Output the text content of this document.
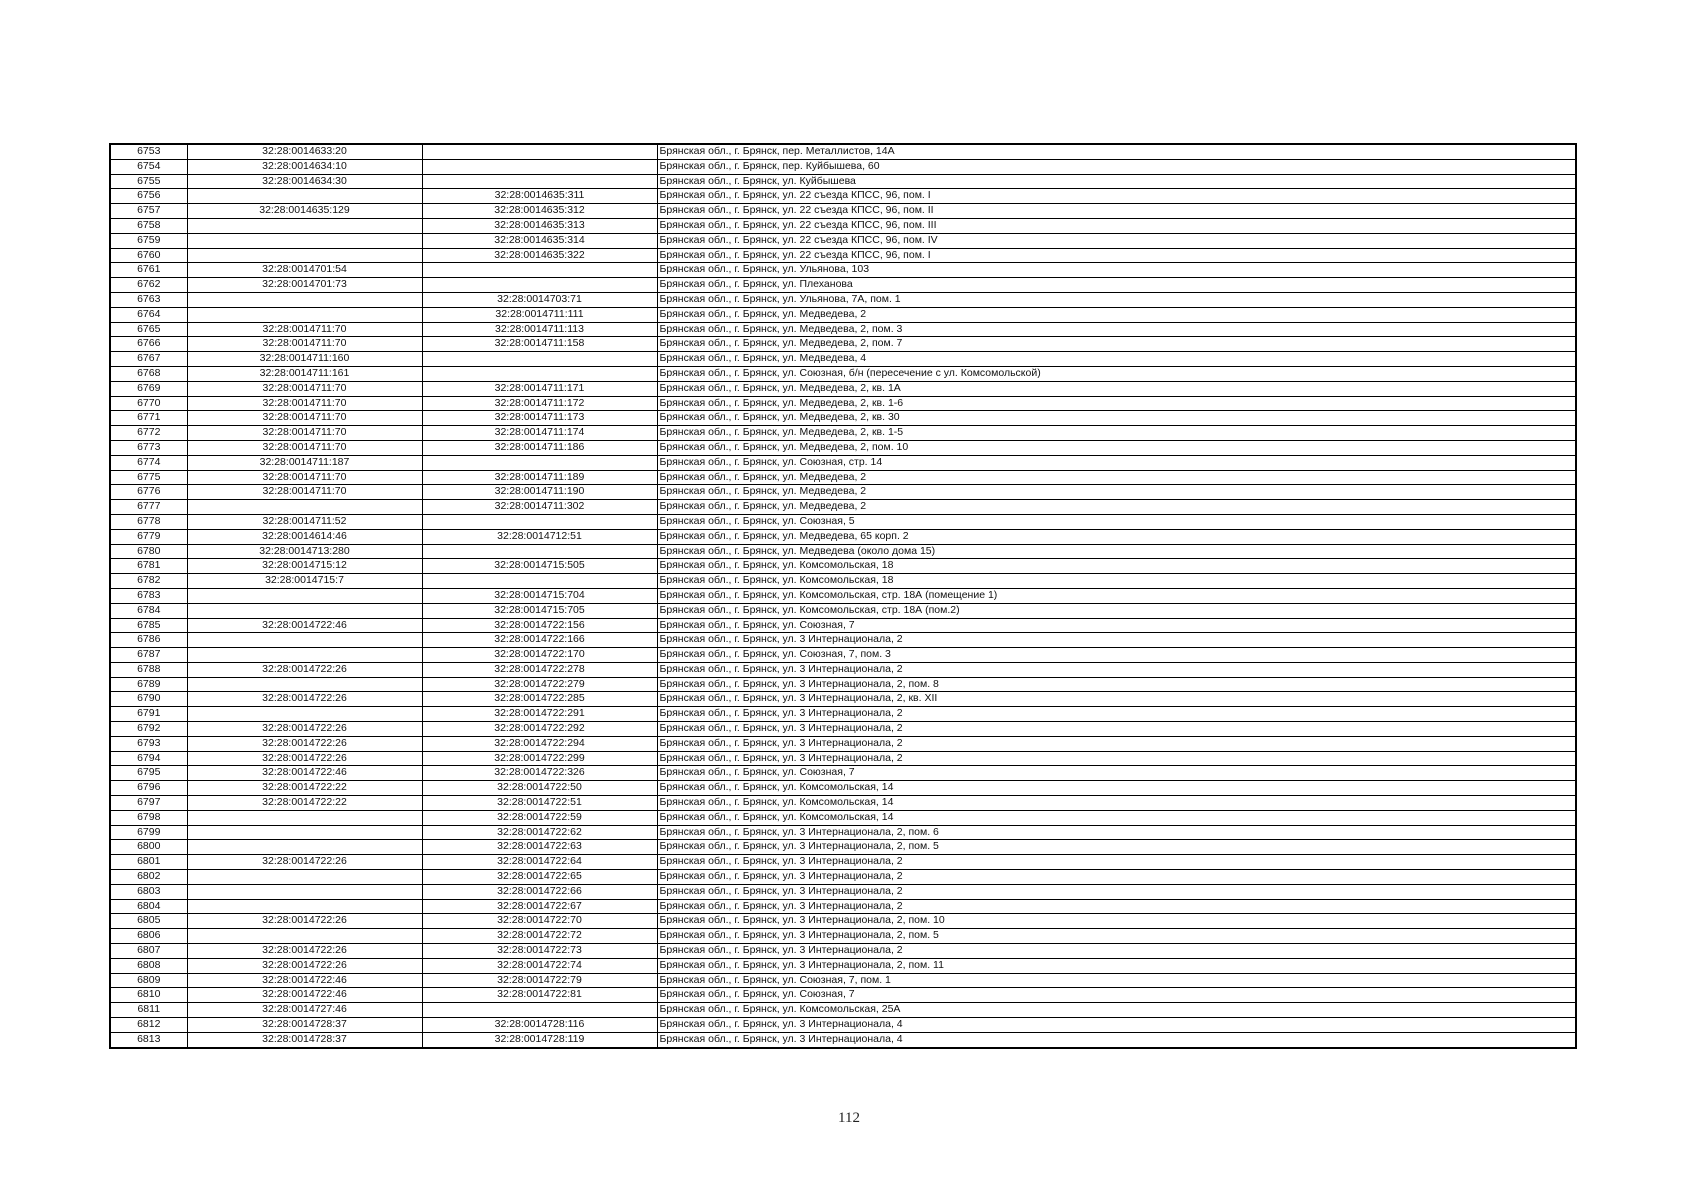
6753	32:28:0014633:20		Брянская обл., г. Брянск, пер. Металлистов, 14А
6754	32:28:0014634:10		Брянская обл., г. Брянск, пер. Куйбышева, 60
6755	32:28:0014634:30		Брянская обл., г. Брянск, ул. Куйбышева
6756		32:28:0014635:311	Брянская обл., г. Брянск, ул. 22 съезда КПСС, 96, пом. I
6757	32:28:0014635:129	32:28:0014635:312	Брянская обл., г. Брянск, ул. 22 съезда КПСС, 96, пом. II
6758		32:28:0014635:313	Брянская обл., г. Брянск, ул. 22 съезда КПСС, 96, пом. III
6759		32:28:0014635:314	Брянская обл., г. Брянск, ул. 22 съезда КПСС, 96, пом. IV
6760		32:28:0014635:322	Брянская обл., г. Брянск, ул. 22 съезда КПСС, 96, пом. I
6761	32:28:0014701:54		Брянская обл., г. Брянск, ул. Ульянова, 103
6762	32:28:0014701:73		Брянская обл., г. Брянск, ул. Плеханова
6763		32:28:0014703:71	Брянская обл., г. Брянск, ул. Ульянова, 7А, пом. 1
6764		32:28:0014711:111	Брянская обл., г. Брянск, ул. Медведева, 2
6765	32:28:0014711:70	32:28:0014711:113	Брянская обл., г. Брянск, ул. Медведева, 2, пом. 3
6766	32:28:0014711:70	32:28:0014711:158	Брянская обл., г. Брянск, ул. Медведева, 2, пом. 7
6767	32:28:0014711:160		Брянская обл., г. Брянск, ул. Медведева, 4
6768	32:28:0014711:161		Брянская обл., г. Брянск, ул. Союзная, б/н (пересечение с ул. Комсомольской)
6769	32:28:0014711:70	32:28:0014711:171	Брянская обл., г. Брянск, ул. Медведева, 2, кв. 1А
6770	32:28:0014711:70	32:28:0014711:172	Брянская обл., г. Брянск, ул. Медведева, 2, кв. 1-6
6771	32:28:0014711:70	32:28:0014711:173	Брянская обл., г. Брянск, ул. Медведева, 2, кв. 30
6772	32:28:0014711:70	32:28:0014711:174	Брянская обл., г. Брянск, ул. Медведева, 2, кв. 1-5
6773	32:28:0014711:70	32:28:0014711:186	Брянская обл., г. Брянск, ул. Медведева, 2, пом. 10
6774	32:28:0014711:187		Брянская обл., г. Брянск, ул. Союзная, стр. 14
6775	32:28:0014711:70	32:28:0014711:189	Брянская обл., г. Брянск, ул. Медведева, 2
6776	32:28:0014711:70	32:28:0014711:190	Брянская обл., г. Брянск, ул. Медведева, 2
6777		32:28:0014711:302	Брянская обл., г. Брянск, ул. Медведева, 2
6778	32:28:0014711:52		Брянская обл., г. Брянск, ул. Союзная, 5
6779	32:28:0014614:46	32:28:0014712:51	Брянская обл., г. Брянск, ул. Медведева, 65 корп. 2
6780	32:28:0014713:280		Брянская обл., г. Брянск, ул. Медведева (около дома 15)
6781	32:28:0014715:12	32:28:0014715:505	Брянская обл., г. Брянск, ул. Комсомольская, 18
6782	32:28:0014715:7		Брянская обл., г. Брянск, ул. Комсомольская, 18
6783		32:28:0014715:704	Брянская обл., г. Брянск, ул. Комсомольская, стр. 18А (помещение 1)
6784		32:28:0014715:705	Брянская обл., г. Брянск, ул. Комсомольская, стр. 18А (пом.2)
6785	32:28:0014722:46	32:28:0014722:156	Брянская обл., г. Брянск, ул. Союзная, 7
6786		32:28:0014722:166	Брянская обл., г. Брянск, ул. 3 Интернационала, 2
6787		32:28:0014722:170	Брянская обл., г. Брянск, ул. Союзная, 7, пом. 3
6788	32:28:0014722:26	32:28:0014722:278	Брянская обл., г. Брянск, ул. 3 Интернационала, 2
6789		32:28:0014722:279	Брянская обл., г. Брянск, ул. 3 Интернационала, 2, пом. 8
6790	32:28:0014722:26	32:28:0014722:285	Брянская обл., г. Брянск, ул. 3 Интернационала, 2, кв. XII
6791		32:28:0014722:291	Брянская обл., г. Брянск, ул. 3 Интернационала, 2
6792	32:28:0014722:26	32:28:0014722:292	Брянская обл., г. Брянск, ул. 3 Интернационала, 2
6793	32:28:0014722:26	32:28:0014722:294	Брянская обл., г. Брянск, ул. 3 Интернационала, 2
6794	32:28:0014722:26	32:28:0014722:299	Брянская обл., г. Брянск, ул. 3 Интернационала, 2
6795	32:28:0014722:46	32:28:0014722:326	Брянская обл., г. Брянск, ул. Союзная, 7
6796	32:28:0014722:22	32:28:0014722:50	Брянская обл., г. Брянск, ул. Комсомольская, 14
6797	32:28:0014722:22	32:28:0014722:51	Брянская обл., г. Брянск, ул. Комсомольская, 14
6798		32:28:0014722:59	Брянская обл., г. Брянск, ул. Комсомольская, 14
6799		32:28:0014722:62	Брянская обл., г. Брянск, ул. 3 Интернационала, 2, пом. 6
6800		32:28:0014722:63	Брянская обл., г. Брянск, ул. 3 Интернационала, 2, пом. 5
6801	32:28:0014722:26	32:28:0014722:64	Брянская обл., г. Брянск, ул. 3 Интернационала, 2
6802		32:28:0014722:65	Брянская обл., г. Брянск, ул. 3 Интернационала, 2
6803		32:28:0014722:66	Брянская обл., г. Брянск, ул. 3 Интернационала, 2
6804		32:28:0014722:67	Брянская обл., г. Брянск, ул. 3 Интернационала, 2
6805	32:28:0014722:26	32:28:0014722:70	Брянская обл., г. Брянск, ул. 3 Интернационала, 2, пом. 10
6806		32:28:0014722:72	Брянская обл., г. Брянск, ул. 3 Интернационала, 2, пом. 5
6807	32:28:0014722:26	32:28:0014722:73	Брянская обл., г. Брянск, ул. 3 Интернационала, 2
6808	32:28:0014722:26	32:28:0014722:74	Брянская обл., г. Брянск, ул. 3 Интернационала, 2, пом. 11
6809	32:28:0014722:46	32:28:0014722:79	Брянская обл., г. Брянск, ул. Союзная, 7, пом. 1
6810	32:28:0014722:46	32:28:0014722:81	Брянская обл., г. Брянск, ул. Союзная, 7
6811	32:28:0014727:46		Брянская обл., г. Брянск, ул. Комсомольская, 25А
6812	32:28:0014728:37	32:28:0014728:116	Брянская обл., г. Брянск, ул. 3 Интернационала, 4
6813	32:28:0014728:37	32:28:0014728:119	Брянская обл., г. Брянск, ул. 3 Интернационала, 4
112
